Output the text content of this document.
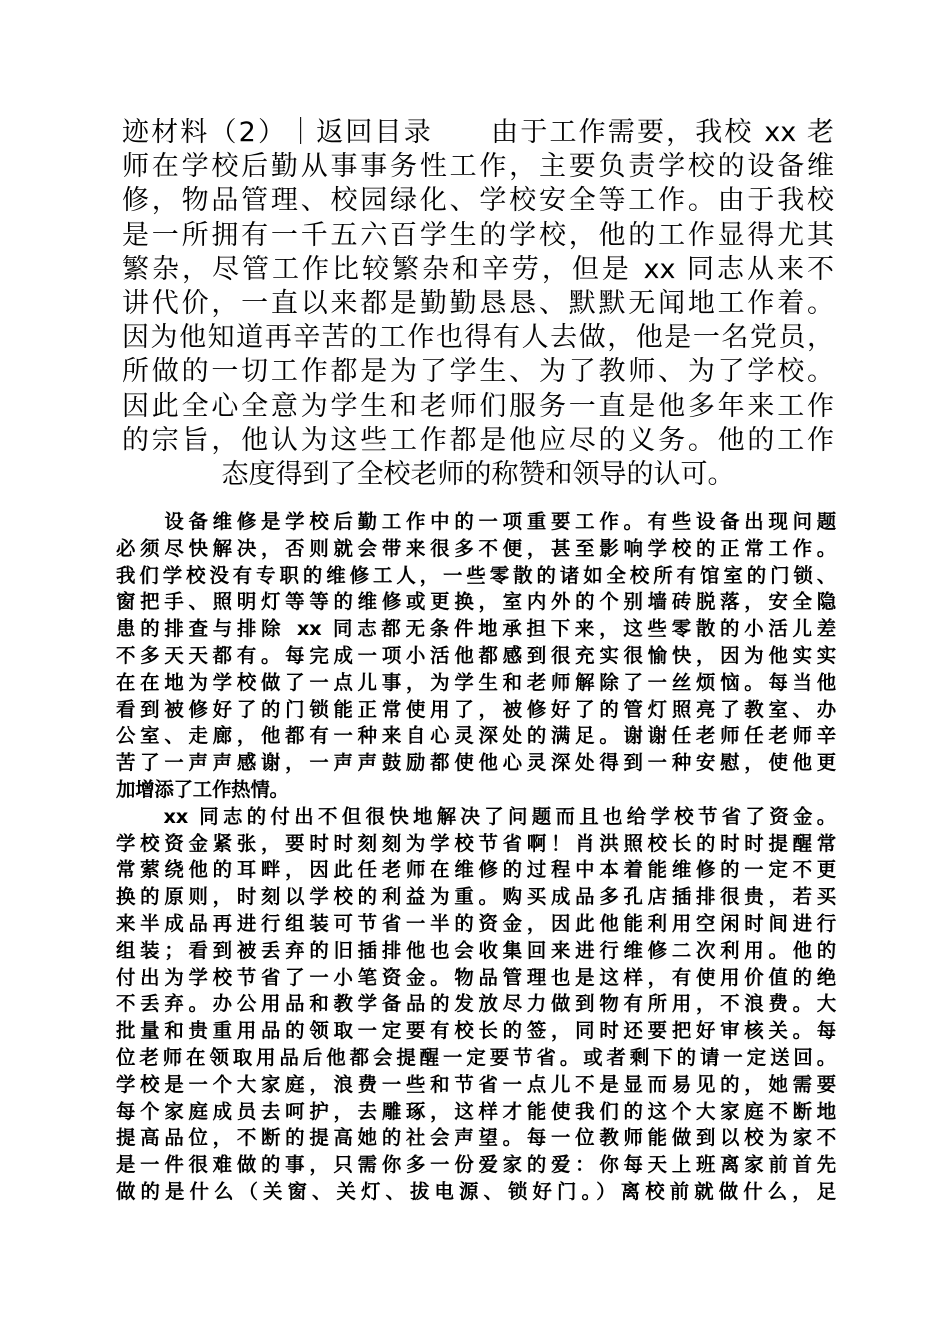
迹材料（2）｜返回目录　　由于工作需要，我校 xx 老
师在学校后勤从事事务性工作，主要负责学校的设备维
修，物品管理、校园绿化、学校安全等工作。由于我校
是一所拥有一千五六百学生的学校，他的工作显得尤其
繁杂，尽管工作比较繁杂和辛劳，但是 xx 同志从来不
讲代价，一直以来都是勤勤恳恳、默默无闻地工作着。
因为他知道再辛苦的工作也得有人去做，他是一名党员，
所做的一切工作都是为了学生、为了教师、为了学校。
因此全心全意为学生和老师们服务一直是他多年来工作
的宗旨，他认为这些工作都是他应尽的义务。他的工作
态度得到了全校老师的称赞和领导的认可。
　　设备维修是学校后勤工作中的一项重要工作。有些设备出现问题
必须尽快解决，否则就会带来很多不便，甚至影响学校的正常工作。
我们学校没有专职的维修工人，一些零散的诸如全校所有馆室的门锁、
窗把手、照明灯等等的维修或更换，室内外的个别墙砖脱落，安全隐
患的排查与排除 xx 同志都无条件地承担下来，这些零散的小活儿差
不多天天都有。每完成一项小活他都感到很充实很愉快，因为他实实
在在地为学校做了一点儿事，为学生和老师解除了一丝烦恼。每当他
看到被修好了的门锁能正常使用了，被修好了的管灯照亮了教室、办
公室、走廊，他都有一种来自心灵深处的满足。谢谢任老师任老师辛
苦了一声声感谢，一声声鼓励都使他心灵深处得到一种安慰，使他更
加增添了工作热情。
　　xx 同志的付出不但很快地解决了问题而且也给学校节省了资金。
学校资金紧张，要时时刻刻为学校节省啊！肖洪照校长的时时提醒常
常萦绕他的耳畔，因此任老师在维修的过程中本着能维修的一定不更
换的原则，时刻以学校的利益为重。购买成品多孔店插排很贵，若买
来半成品再进行组装可节省一半的资金，因此他能利用空闲时间进行
组装；看到被丢弃的旧插排他也会收集回来进行维修二次利用。他的
付出为学校节省了一小笔资金。物品管理也是这样，有使用价值的绝
不丢弃。办公用品和教学备品的发放尽力做到物有所用，不浪费。大
批量和贵重用品的领取一定要有校长的签，同时还要把好审核关。每
位老师在领取用品后他都会提醒一定要节省。或者剩下的请一定送回。
学校是一个大家庭，浪费一些和节省一点儿不是显而易见的，她需要
每个家庭成员去呵护，去雕琢，这样才能使我们的这个大家庭不断地
提高品位，不断的提高她的社会声望。每一位教师能做到以校为家不
是一件很难做的事，只需你多一份爱家的爱：你每天上班离家前首先
做的是什么（关窗、关灯、拔电源、锁好门。）离校前就做什么，足
